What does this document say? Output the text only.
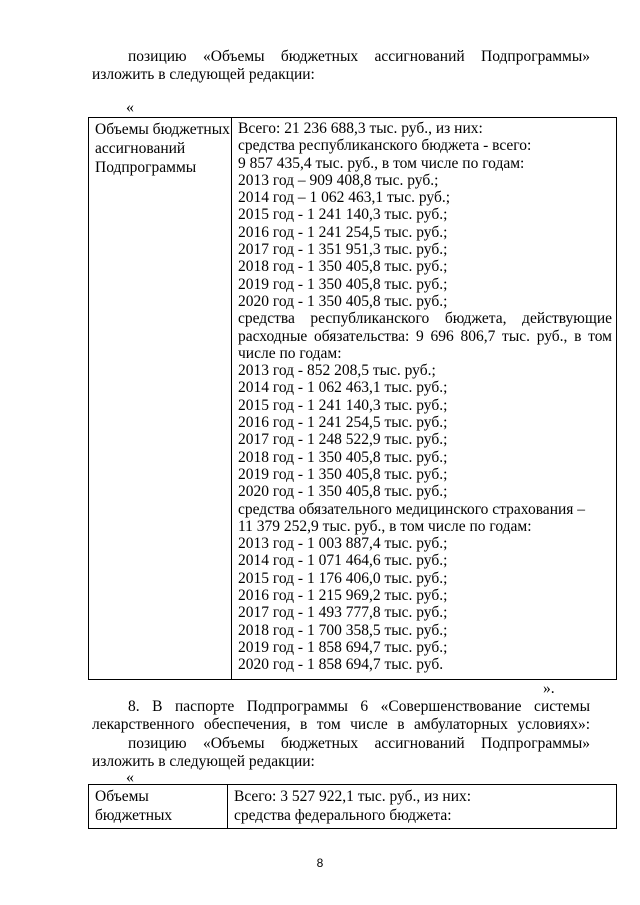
позицию «Объемы бюджетных ассигнований Подпрограммы»
изложить в следующей редакции:
«
Объемы бюджетных
ассигнований
Подпрограммы

Всего: 21 236 688,3 тыс. руб., из них:
средства республиканского бюджета - всего:
9 857 435,4 тыс. руб., в том числе по годам:
2013 год – 909 408,8 тыс. руб.;
2014 год – 1 062 463,1 тыс. руб.;
2015 год - 1 241 140,3 тыс. руб.;
2016 год - 1 241 254,5 тыс. руб.;
2017 год - 1 351 951,3 тыс. руб.;
2018 год - 1 350 405,8 тыс. руб.;
2019 год - 1 350 405,8 тыс. руб.;
2020 год - 1 350 405,8 тыс. руб.;
средства республиканского бюджета, действующие
расходные обязательства: 9 696 806,7 тыс. руб., в том
числе по годам:
2013 год - 852 208,5 тыс. руб.;
2014 год - 1 062 463,1 тыс. руб.;
2015 год - 1 241 140,3 тыс. руб.;
2016 год - 1 241 254,5 тыс. руб.;
2017 год - 1 248 522,9 тыс. руб.;
2018 год - 1 350 405,8 тыс. руб.;
2019 год - 1 350 405,8 тыс. руб.;
2020 год - 1 350 405,8 тыс. руб.;
средства обязательного медицинского страхования –
11 379 252,9 тыс. руб., в том числе по годам:
2013 год - 1 003 887,4 тыс. руб.;
2014 год - 1 071 464,6 тыс. руб.;
2015 год - 1 176 406,0 тыс. руб.;
2016 год - 1 215 969,2 тыс. руб.;
2017 год - 1 493 777,8 тыс. руб.;
2018 год - 1 700 358,5 тыс. руб.;
2019 год - 1 858 694,7 тыс. руб.;
2020 год - 1 858 694,7 тыс. руб.
».
8. В паспорте Подпрограммы 6 «Совершенствование системы
лекарственного обеспечения, в том числе в амбулаторных условиях»:
позицию «Объемы бюджетных ассигнований Подпрограммы»
изложить в следующей редакции:
«
Объемы
бюджетных

Всего: 3 527 922,1 тыс. руб., из них:
средства федерального бюджета:
8
